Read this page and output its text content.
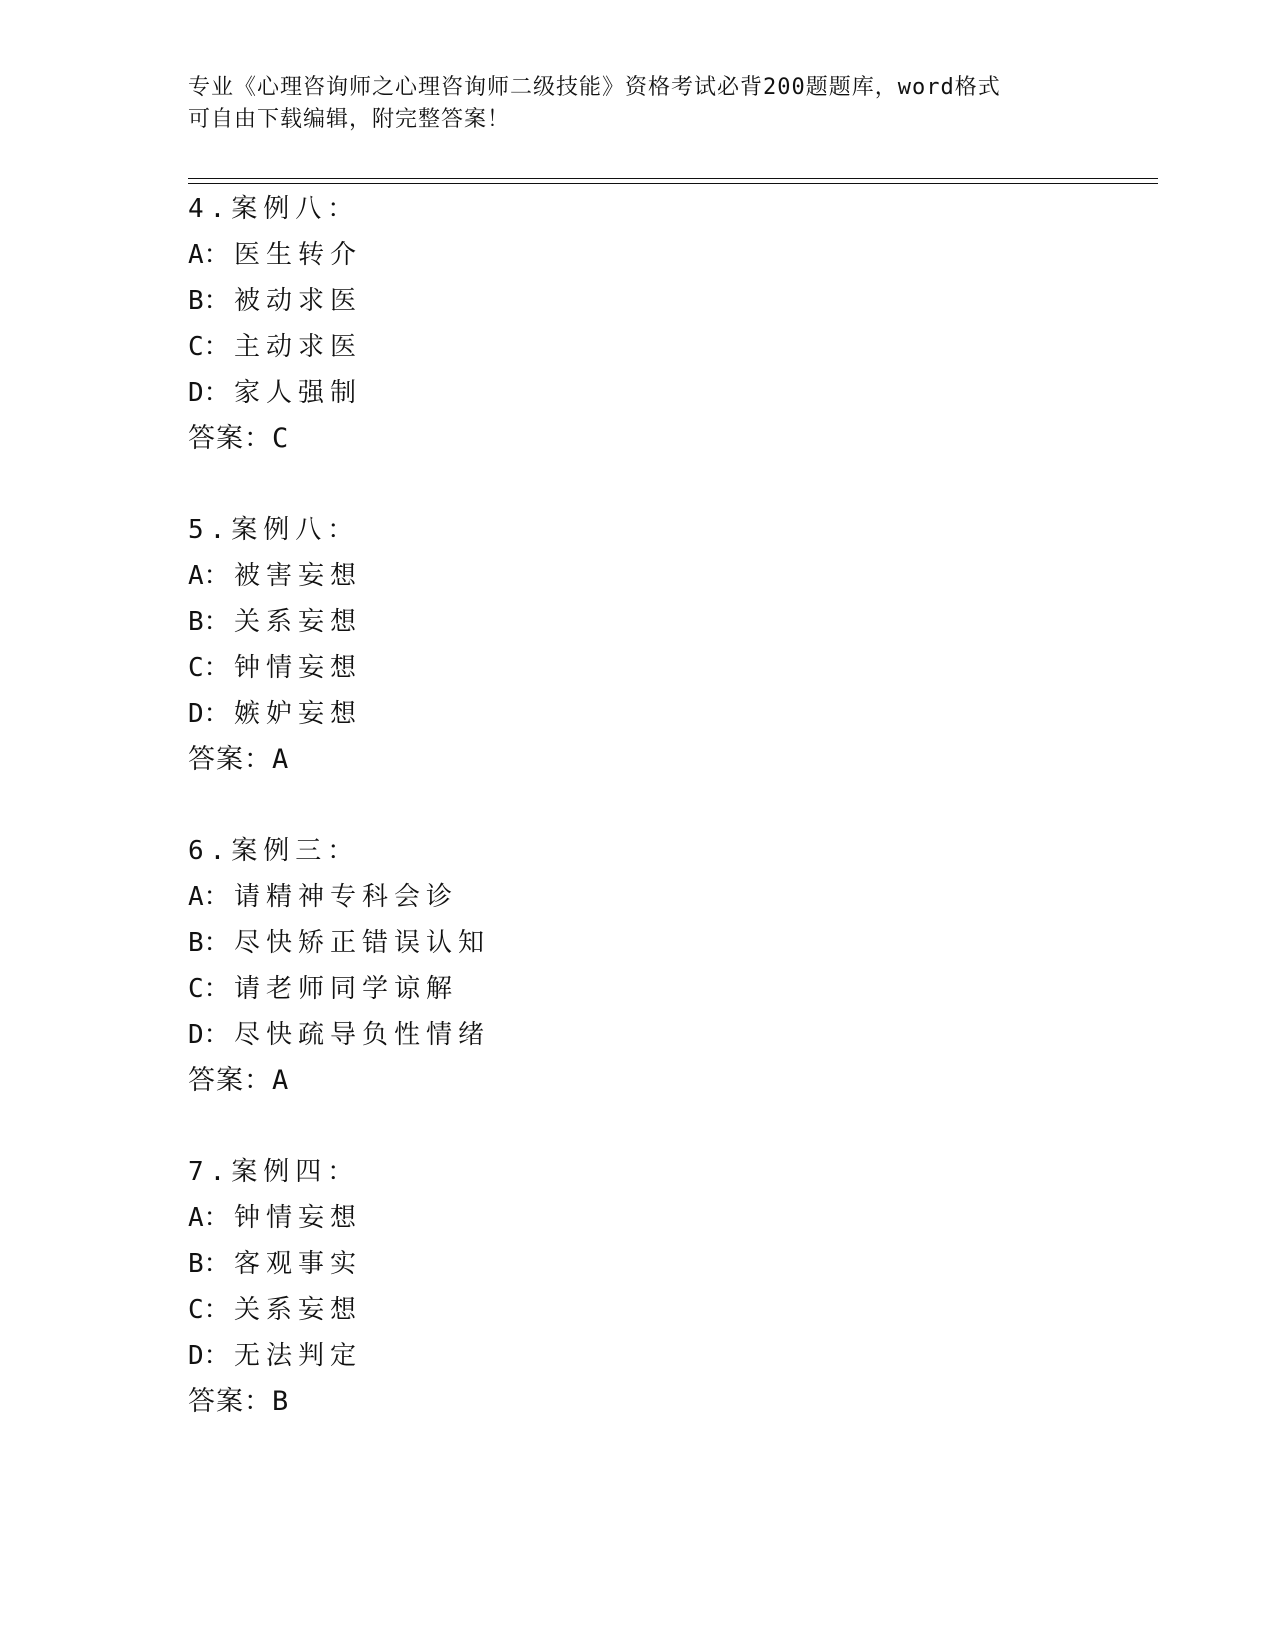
专业《心理咨询师之心理咨询师二级技能》资格考试必背200题题库，word格式
可自由下载编辑，附完整答案！
4.案例八：
A： 医生转介
B： 被动求医
C： 主动求医
D： 家人强制
答案：C
5.案例八：
A： 被害妄想
B： 关系妄想
C： 钟情妄想
D： 嫉妒妄想
答案：A
6.案例三：
A： 请精神专科会诊
B： 尽快矫正错误认知
C： 请老师同学谅解
D： 尽快疏导负性情绪
答案：A
7.案例四：
A： 钟情妄想
B： 客观事实
C： 关系妄想
D： 无法判定
答案：B
